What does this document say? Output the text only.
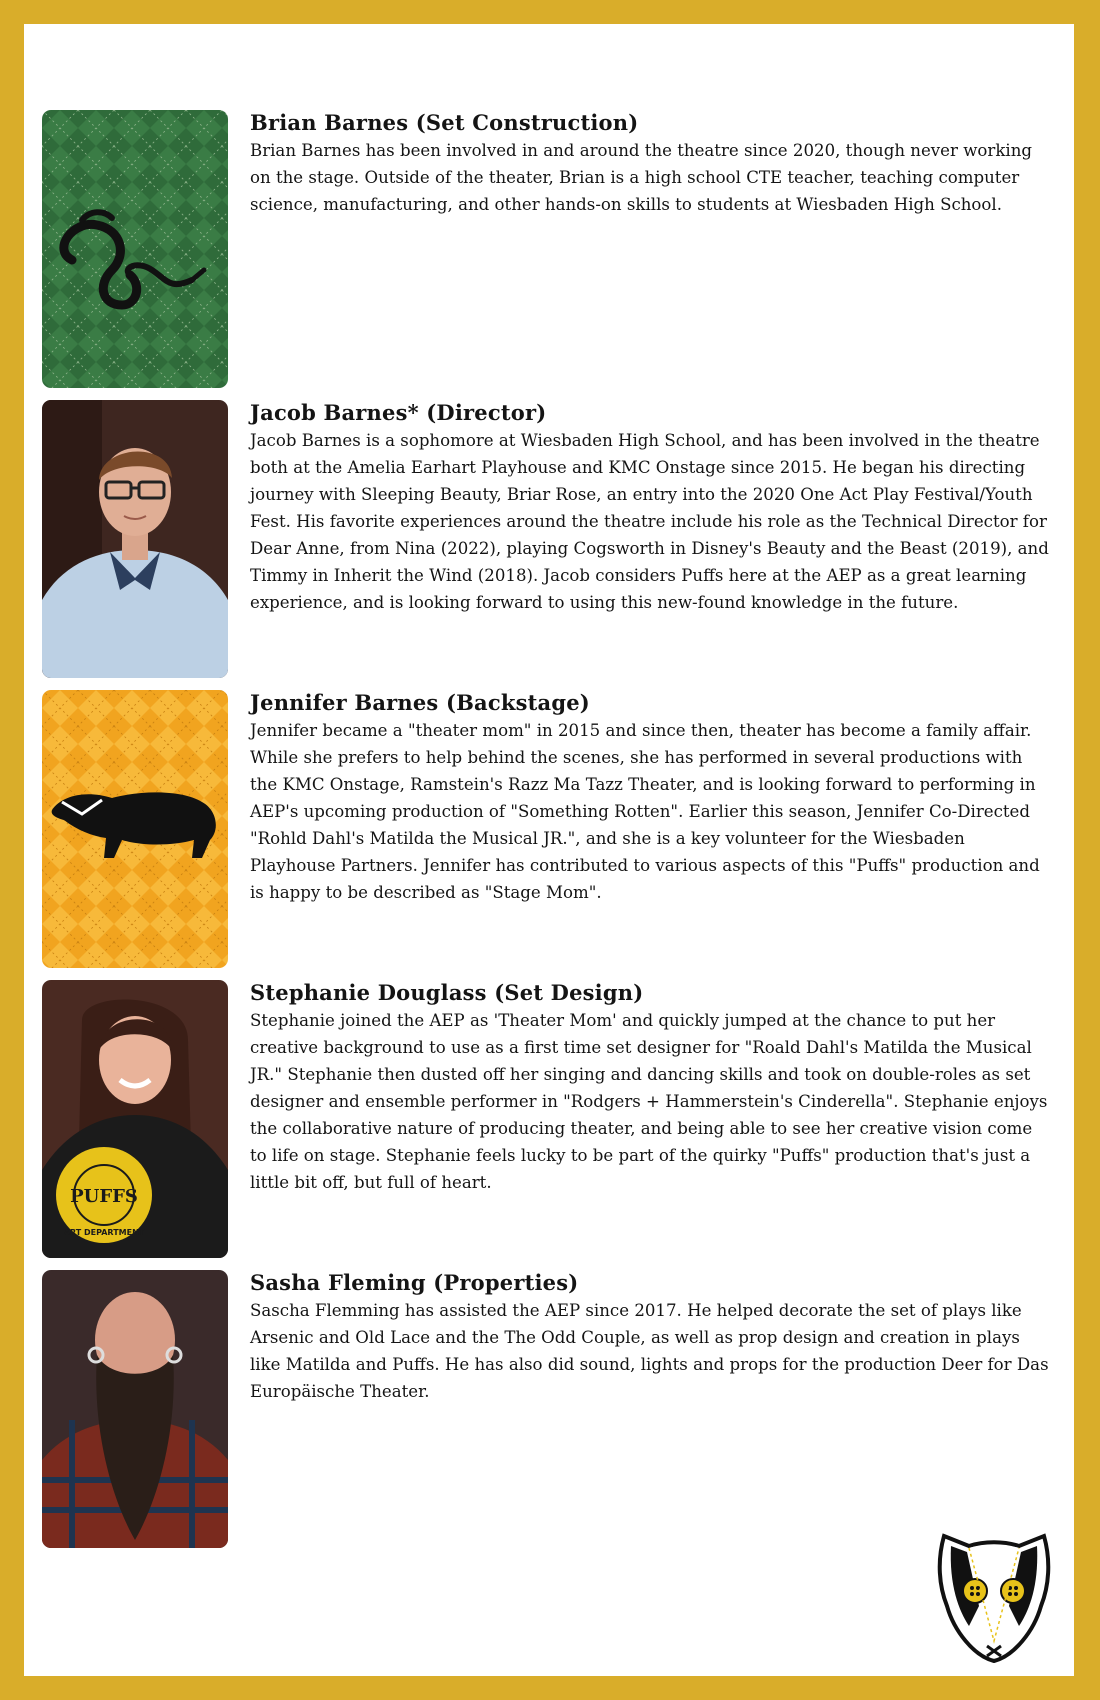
Brian Barnes (Set Construction)

Brian Barnes has been involved in and around the theatre since 2020, though never working on the stage. Outside of the theater, Brian is a high school CTE teacher, teaching computer science, manufacturing, and other hands-on skills to students at Wiesbaden High School.

Jacob Barnes* (Director)

Jacob Barnes is a sophomore at Wiesbaden High School, and has been involved in the theatre both at the Amelia Earhart Playhouse and KMC Onstage since 2015. He began his directing journey with Sleeping Beauty, Briar Rose, an entry into the 2020 One Act Play Festival/Youth Fest. His favorite experiences around the theatre include his role as the Technical Director for Dear Anne, from Nina (2022), playing Cogsworth in Disney's Beauty and the Beast (2019), and Timmy in Inherit the Wind (2018). Jacob considers Puffs here at the AEP as a great learning experience, and is looking forward to using this new-found knowledge in the future.

Jennifer Barnes (Backstage)

Jennifer became a "theater mom" in 2015 and since then, theater has become a family affair. While she prefers to help behind the scenes, she has performed in several productions with the KMC Onstage, Ramstein's Razz Ma Tazz Theater, and is looking forward to performing in AEP's upcoming production of "Something Rotten". Earlier this season, Jennifer Co-Directed "Rohld Dahl's Matilda the Musical JR.", and she is a key volunteer for the Wiesbaden Playhouse Partners. Jennifer has contributed to various aspects of this "Puffs" production and is happy to be described as "Stage Mom".

PUFFS
ART DEPARTMENT
Stephanie Douglass (Set Design)

Stephanie joined the AEP as 'Theater Mom' and quickly jumped at the chance to put her creative background to use as a first time set designer for "Roald Dahl's Matilda the Musical JR." Stephanie then dusted off her singing and dancing skills and took on double-roles as set designer and ensemble performer in "Rodgers + Hammerstein's Cinderella". Stephanie enjoys the collaborative nature of producing theater, and being able to see her creative vision come to life on stage. Stephanie feels lucky to be part of the quirky "Puffs" production that's just a little bit off, but full of heart.

Sasha Fleming (Properties)

Sascha Flemming has assisted the AEP since 2017. He helped decorate the set of plays like Arsenic and Old Lace and the The Odd Couple, as well as prop design and creation in plays like Matilda and Puffs. He has also did sound, lights and props for the production Deer for Das Europäische Theater.
